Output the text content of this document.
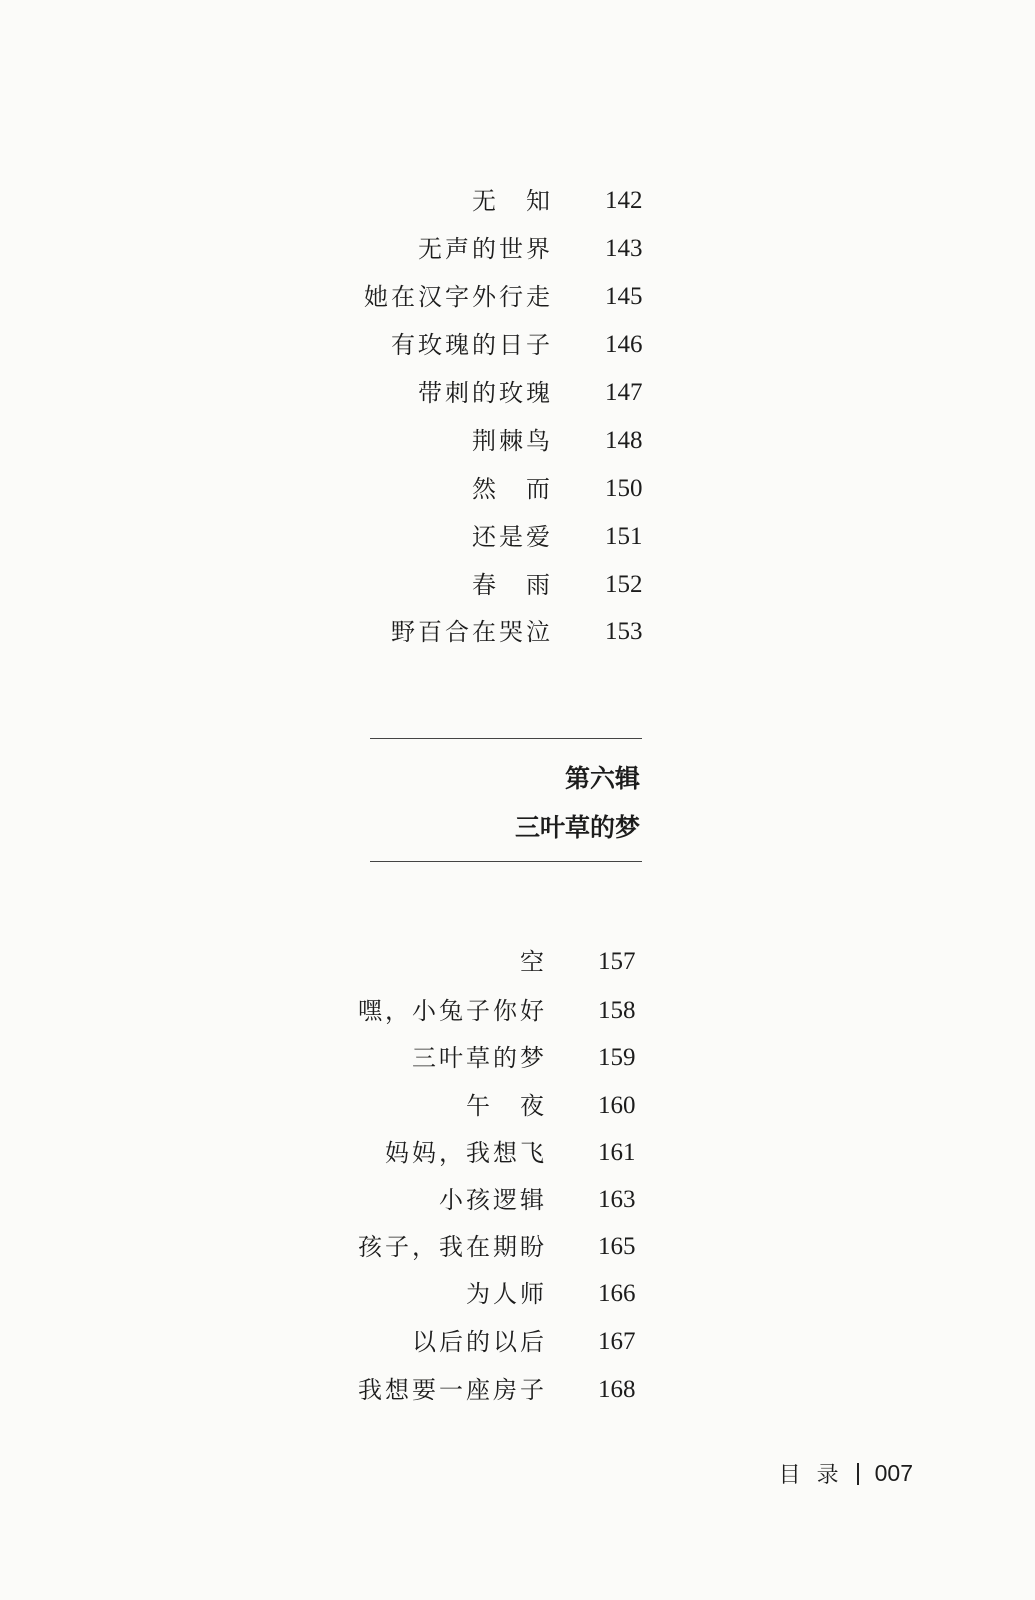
无　知 142
无声的世界 143
她在汉字外行走 145
有玫瑰的日子 146
带刺的玫瑰 147
荆棘鸟 148
然　而 150
还是爱 151
春　雨 152
野百合在哭泣 153
第六辑
三叶草的梦
空 157
嘿，小兔子你好 158
三叶草的梦 159
午　夜 160
妈妈，我想飞 161
小孩逻辑 163
孩子，我在期盼 165
为人师 166
以后的以后 167
我想要一座房子 168
目录 007
